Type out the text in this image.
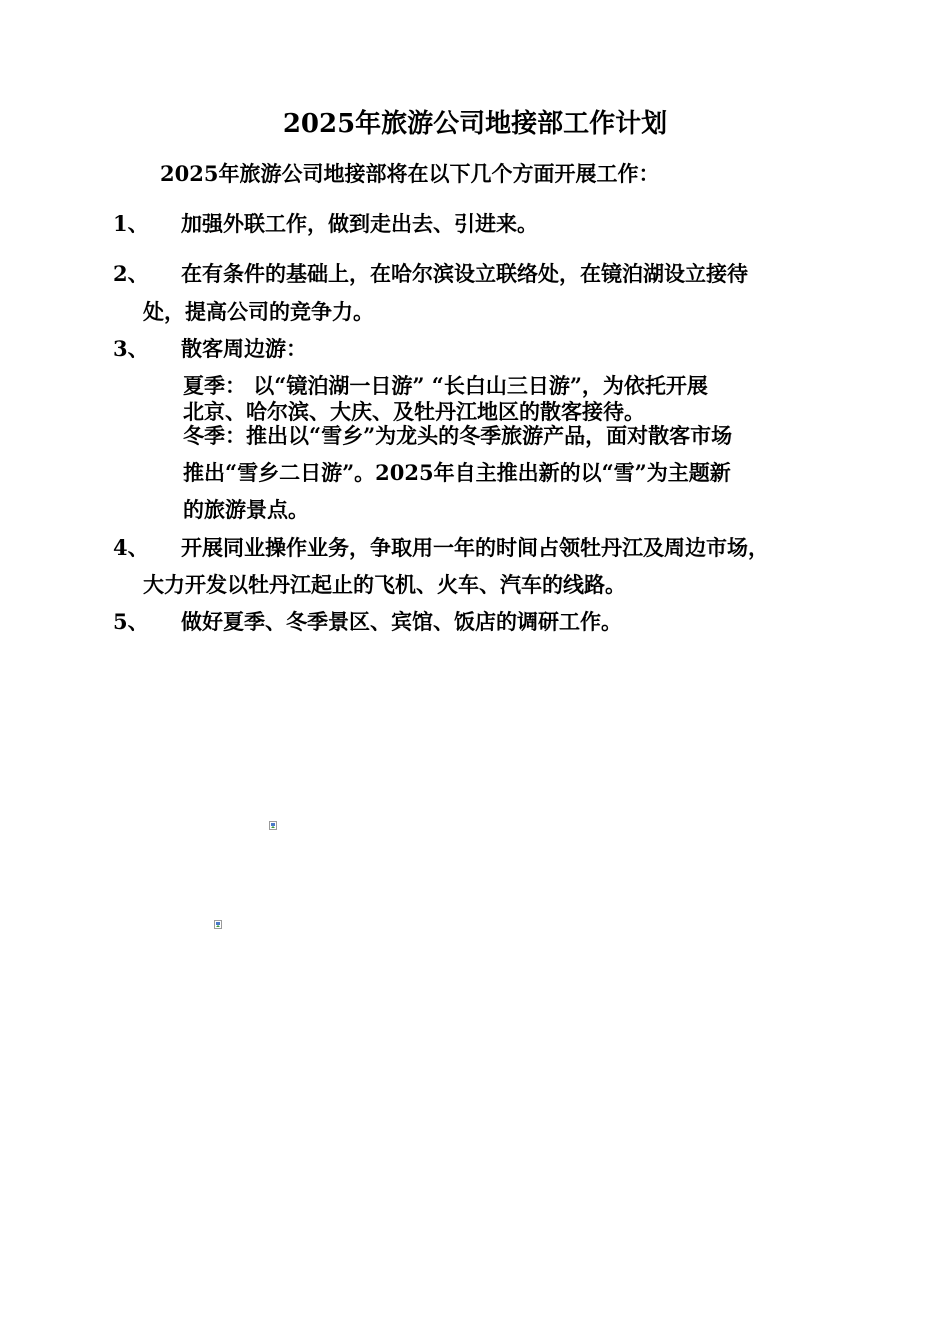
2025年旅游公司地接部工作计划
2025年旅游公司地接部将在以下几个方面开展工作：
1、 加强外联工作，做到走出去、引进来。
2、 在有条件的基础上，在哈尔滨设立联络处，在镜泊湖设立接待
处，提高公司的竞争力。
3、 散客周边游：
夏季： 以“镜泊湖一日游” “长白山三日游”，为依托开展
北京、哈尔滨、大庆、及牡丹江地区的散客接待。
冬季：推出以“雪乡”为龙头的冬季旅游产品，面对散客市场
推出“雪乡二日游”。2025年自主推出新的以“雪”为主题新
的旅游景点。
4、 开展同业操作业务，争取用一年的时间占领牡丹江及周边市场，
大力开发以牡丹江起止的飞机、火车、汽车的线路。
5、 做好夏季、冬季景区、宾馆、饭店的调研工作。
